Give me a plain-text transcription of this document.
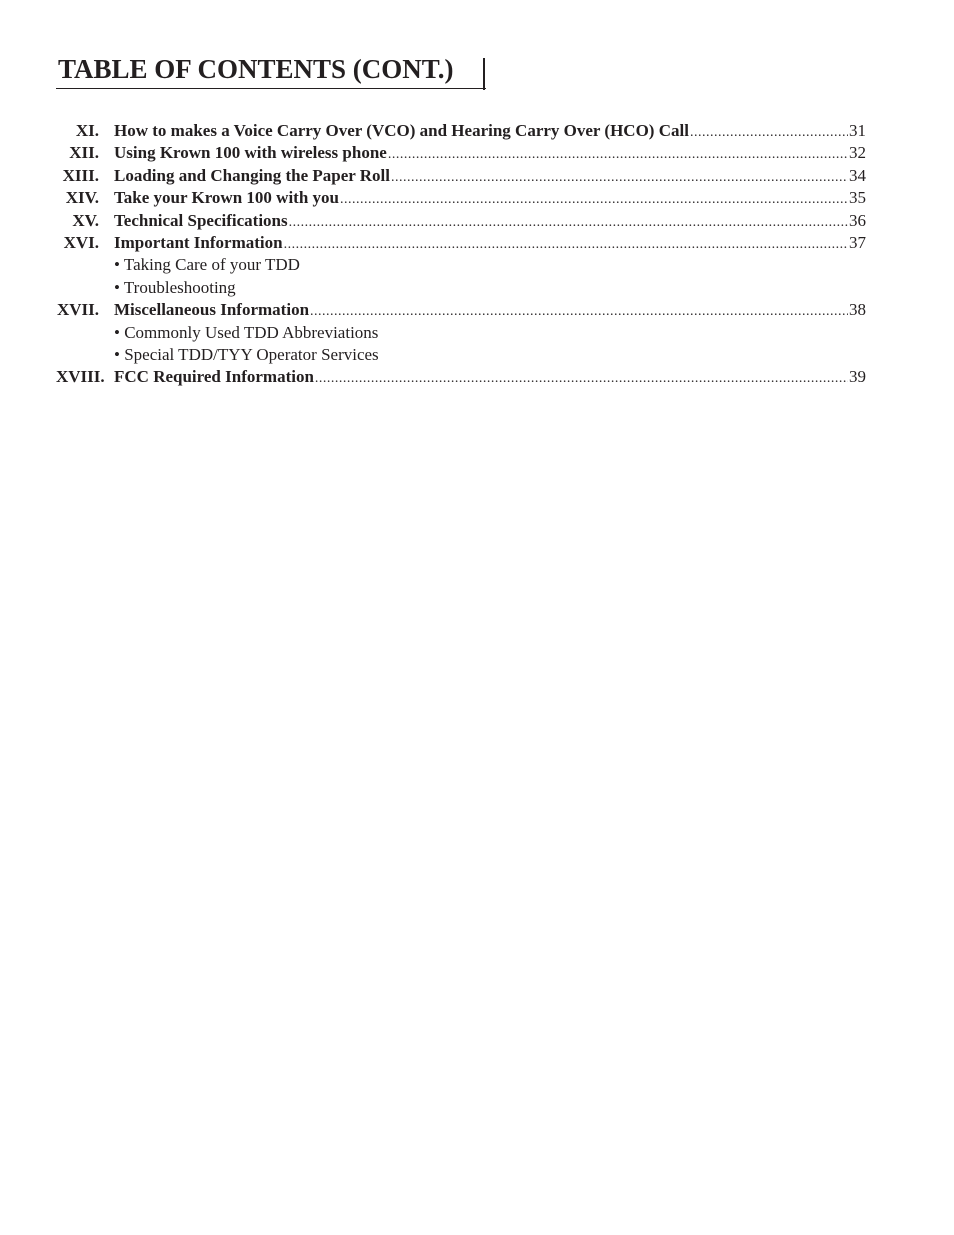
TABLE OF CONTENTS (CONT.)
XI. How to makes a Voice Carry Over (VCO) and Hearing Carry Over (HCO) Call .....	31
XII. Using Krown 100 with wireless phone .....	32
XIII. Loading and Changing the Paper Roll .....	34
XIV. Take your Krown 100 with you .....	35
XV. Technical Specifications .....	36
XVI. Important Information .....	37
• Taking Care of your TDD
• Troubleshooting
XVII. Miscellaneous Information .....	38
• Commonly Used TDD Abbreviations
• Special TDD/TYY Operator Services
XVIII. FCC Required Information .....	39
